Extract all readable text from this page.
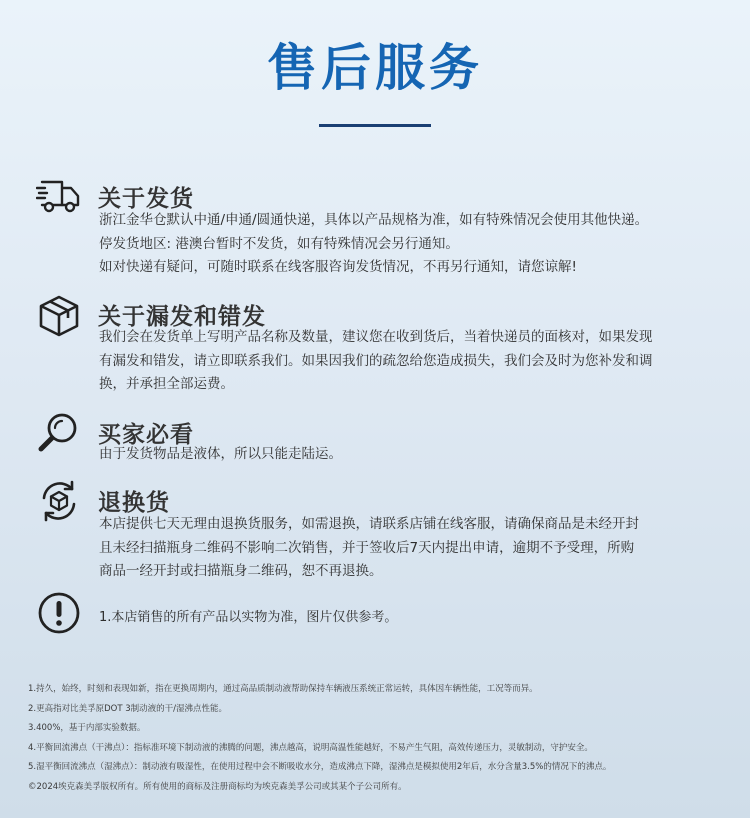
售后服务
关于发货

浙江金华仓默认中通/申通/圆通快递，具体以产品规格为准，如有特殊情况会使用其他快递。

停发货地区: 港澳台暂时不发货，如有特殊情况会另行通知。

如对快递有疑问，可随时联系在线客服咨询发货情况，不再另行通知，请您谅解!

关于漏发和错发

我们会在发货单上写明产品名称及数量，建议您在收到货后，当着快递员的面核对，如果发现

有漏发和错发，请立即联系我们。如果因我们的疏忽给您造成损失，我们会及时为您补发和调

换，并承担全部运费。

买家必看

由于发货物品是液体，所以只能走陆运。

退换货

本店提供七天无理由退换货服务，如需退换，请联系店铺在线客服，请确保商品是未经开封

且未经扫描瓶身二维码不影响二次销售，并于签收后7天内提出申请，逾期不予受理，所购

商品一经开封或扫描瓶身二维码，恕不再退换。

1.本店销售的所有产品以实物为准，图片仅供参考。

1.持久，始终，时刻和表现如新，指在更换周期内，通过高品质制动液帮助保持车辆液压系统正常运转，具体因车辆性能，工况等而异。

2.更高指对比美孚原DOT 3制动液的干/湿沸点性能。

3.400%，基于内部实验数据。

4.平衡回流沸点（干沸点）：指标准环境下制动液的沸腾的问题，沸点越高，说明高温性能越好，不易产生气阻，高效传递压力，灵敏制动，守护安全。

5.湿平衡回流沸点（湿沸点）：制动液有吸湿性，在使用过程中会不断吸收水分，造成沸点下降，湿沸点是模拟使用2年后，水分含量3.5%的情况下的沸点。

©2024埃克森美孚版权所有。所有使用的商标及注册商标均为埃克森美孚公司或其某个子公司所有。
